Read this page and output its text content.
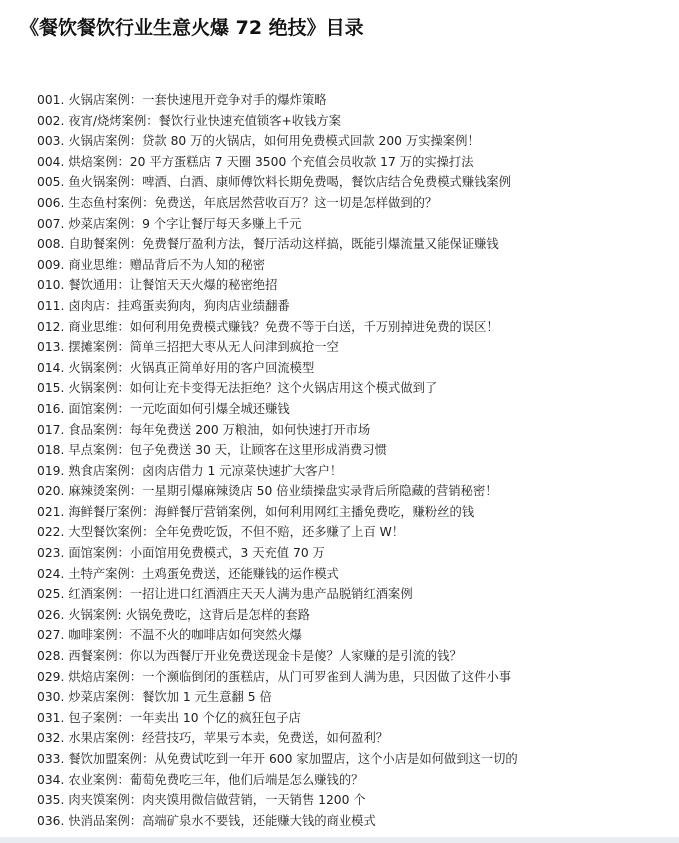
《餐饮餐饮行业生意火爆 72 绝技》目录
001. 火锅店案例：一套快速甩开竞争对手的爆炸策略
002. 夜宵/烧烤案例：餐饮行业快速充值锁客+收钱方案
003. 火锅店案例：贷款 80 万的火锅店，如何用免费模式回款 200 万实操案例！
004. 烘焙案例：20 平方蛋糕店 7 天圈 3500 个充值会员收款 17 万的实操打法
005. 鱼火锅案例：啤酒、白酒、康师傅饮料长期免费喝，餐饮店结合免费模式赚钱案例
006. 生态鱼村案例：免费送，年底居然营收百万？这一切是怎样做到的？
007. 炒菜店案例：9 个字让餐厅每天多赚上千元
008. 自助餐案例：免费餐厅盈利方法，餐厅活动这样搞，既能引爆流量又能保证赚钱
009. 商业思维：赠品背后不为人知的秘密
010. 餐饮通用：让餐馆天天火爆的秘密绝招
011. 卤肉店：挂鸡蛋卖狗肉，狗肉店业绩翻番
012. 商业思维：如何利用免费模式赚钱？免费不等于白送，千万别掉进免费的误区！
013. 摆摊案例：简单三招把大枣从无人问津到疯抢一空
014. 火锅案例：火锅真正简单好用的客户回流模型
015. 火锅案例：如何让充卡变得无法拒绝？这个火锅店用这个模式做到了
016. 面馆案例：一元吃面如何引爆全城还赚钱
017. 食品案例：每年免费送 200 万粮油，如何快速打开市场
018. 早点案例：包子免费送 30 天，让顾客在这里形成消费习惯
019. 熟食店案例：卤肉店借力 1 元凉菜快速扩大客户！
020. 麻辣烫案例：一星期引爆麻辣烫店 50 倍业绩操盘实录背后所隐藏的营销秘密！
021. 海鲜餐厅案例：海鲜餐厅营销案例，如何利用网红主播免费吃，赚粉丝的钱
022. 大型餐饮案例：全年免费吃饭，不但不赔，还多赚了上百 W！
023. 面馆案例：小面馆用免费模式，3 天充值 70 万
024. 土特产案例：土鸡蛋免费送，还能赚钱的运作模式
025. 红酒案例：一招让进口红酒酒庄天天人满为患产品脱销红酒案例
026. 火锅案例: 火锅免费吃，这背后是怎样的套路
027. 咖啡案例：不温不火的咖啡店如何突然火爆
028. 西餐案例：你以为西餐厅开业免费送现金卡是傻？人家赚的是引流的钱？
029. 烘焙店案例：一个濒临倒闭的蛋糕店，从门可罗雀到人满为患，只因做了这件小事
030. 炒菜店案例：餐饮加 1 元生意翻 5 倍
031. 包子案例：一年卖出 10 个亿的疯狂包子店
032. 水果店案例：经营技巧，苹果亏本卖，免费送，如何盈利？
033. 餐饮加盟案例：从免费试吃到一年开 600 家加盟店，这个小店是如何做到这一切的
034. 农业案例：葡萄免费吃三年，他们后端是怎么赚钱的？
035. 肉夹馍案例：肉夹馍用微信做营销，一天销售 1200 个
036. 快消品案例：高端矿泉水不要钱，还能赚大钱的商业模式
